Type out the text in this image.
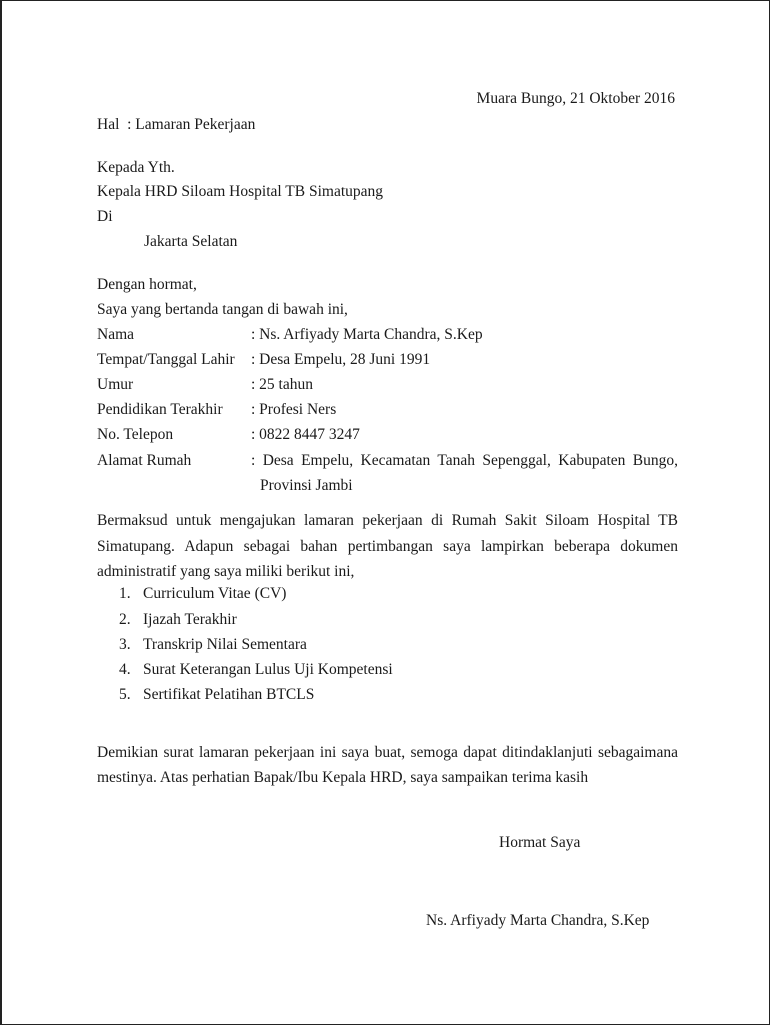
Muara Bungo, 21 Oktober 2016
Hal  : Lamaran Pekerjaan
Kepada Yth.
Kepala HRD Siloam Hospital TB Simatupang
Di
Jakarta Selatan
Dengan hormat,
Saya yang bertanda tangan di bawah ini,
Nama	: Ns. Arfiyady Marta Chandra, S.Kep
Tempat/Tanggal Lahir : Desa Empelu, 28 Juni 1991
Umur	: 25 tahun
Pendidikan Terakhir : Profesi Ners
No. Telepon	: 0822 8447 3247
Alamat Rumah	: Desa Empelu, Kecamatan Tanah Sepenggal, Kabupaten Bungo,
Provinsi Jambi
Bermaksud untuk mengajukan lamaran pekerjaan di Rumah Sakit Siloam Hospital TB
Simatupang. Adapun sebagai bahan pertimbangan saya lampirkan beberapa dokumen
administratif yang saya miliki berikut ini,
1. Curriculum Vitae (CV)
2. Ijazah Terakhir
3. Transkrip Nilai Sementara
4. Surat Keterangan Lulus Uji Kompetensi
5. Sertifikat Pelatihan BTCLS
Demikian surat lamaran pekerjaan ini saya buat, semoga dapat ditindaklanjuti sebagaimana
mestinya. Atas perhatian Bapak/Ibu Kepala HRD, saya sampaikan terima kasih
Hormat Saya
Ns. Arfiyady Marta Chandra, S.Kep
